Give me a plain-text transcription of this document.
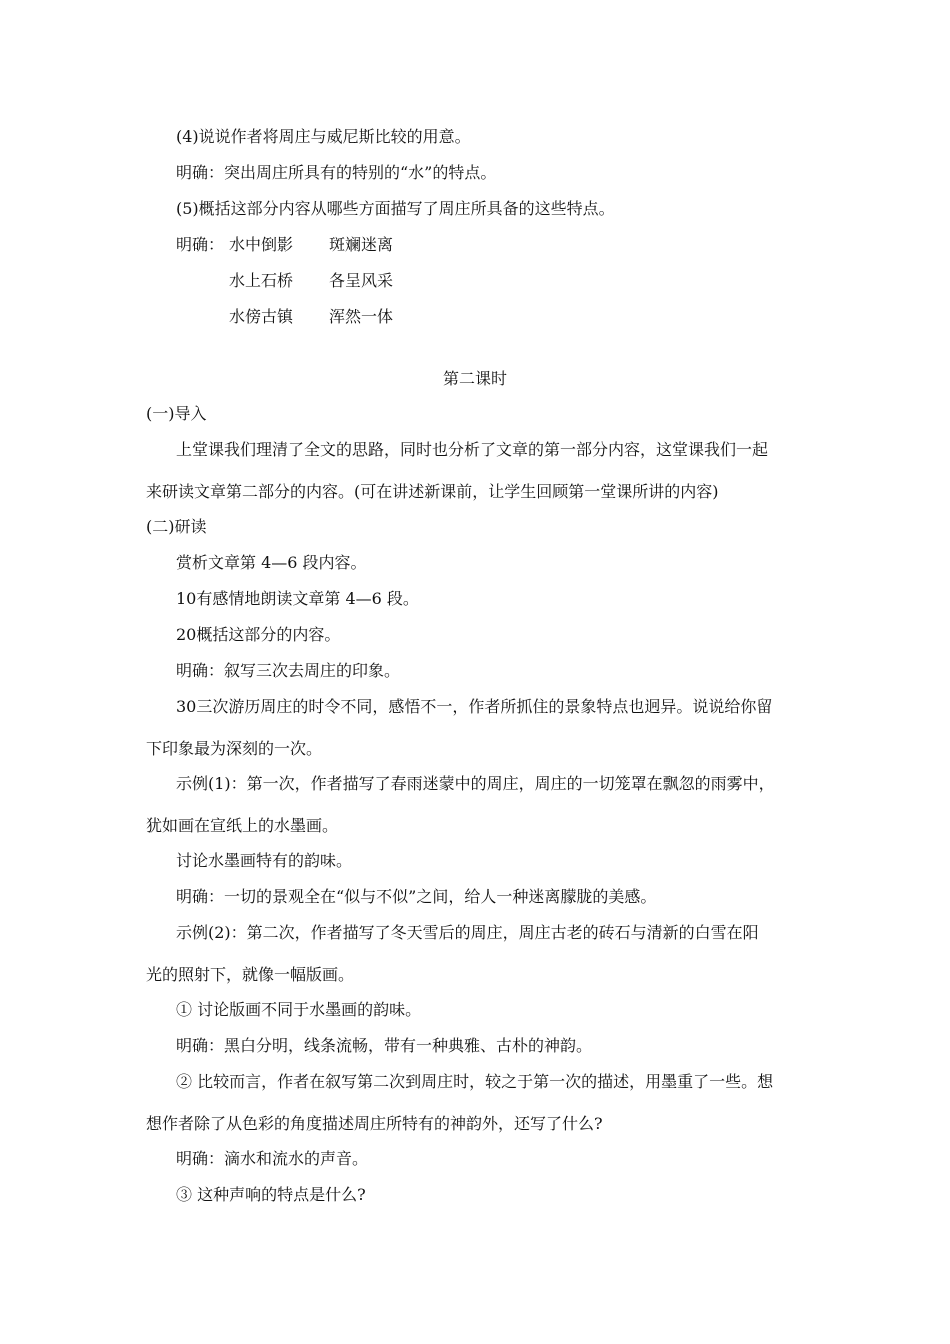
(4)说说作者将周庄与威尼斯比较的用意。
明确：突出周庄所具有的特别的“水”的特点。
(5)概括这部分内容从哪些方面描写了周庄所具备的这些特点。
明确： 水中倒影 斑斓迷离
水上石桥 各呈风采
水傍古镇 浑然一体
第二课时
(一)导入
上堂课我们理清了全文的思路，同时也分析了文章的第一部分内容，这堂课我们一起
来研读文章第二部分的内容。(可在讲述新课前，让学生回顾第一堂课所讲的内容)
(二)研读
赏析文章第 4—6 段内容。
10有感情地朗读文章第 4—6 段。
20概括这部分的内容。
明确：叙写三次去周庄的印象。
30三次游历周庄的时令不同，感悟不一，作者所抓住的景象特点也迥异。说说给你留
下印象最为深刻的一次。
示例(1)：第一次，作者描写了春雨迷蒙中的周庄，周庄的一切笼罩在飘忽的雨雾中，
犹如画在宣纸上的水墨画。
讨论水墨画特有的韵味。
明确：一切的景观全在“似与不似”之间，给人一种迷离朦胧的美感。
示例(2)：第二次，作者描写了冬天雪后的周庄，周庄古老的砖石与清新的白雪在阳
光的照射下，就像一幅版画。
① 讨论版画不同于水墨画的韵味。
明确：黑白分明，线条流畅，带有一种典雅、古朴的神韵。
② 比较而言，作者在叙写第二次到周庄时，较之于第一次的描述，用墨重了一些。想
想作者除了从色彩的角度描述周庄所特有的神韵外，还写了什么?
明确：滴水和流水的声音。
③ 这种声响的特点是什么?
